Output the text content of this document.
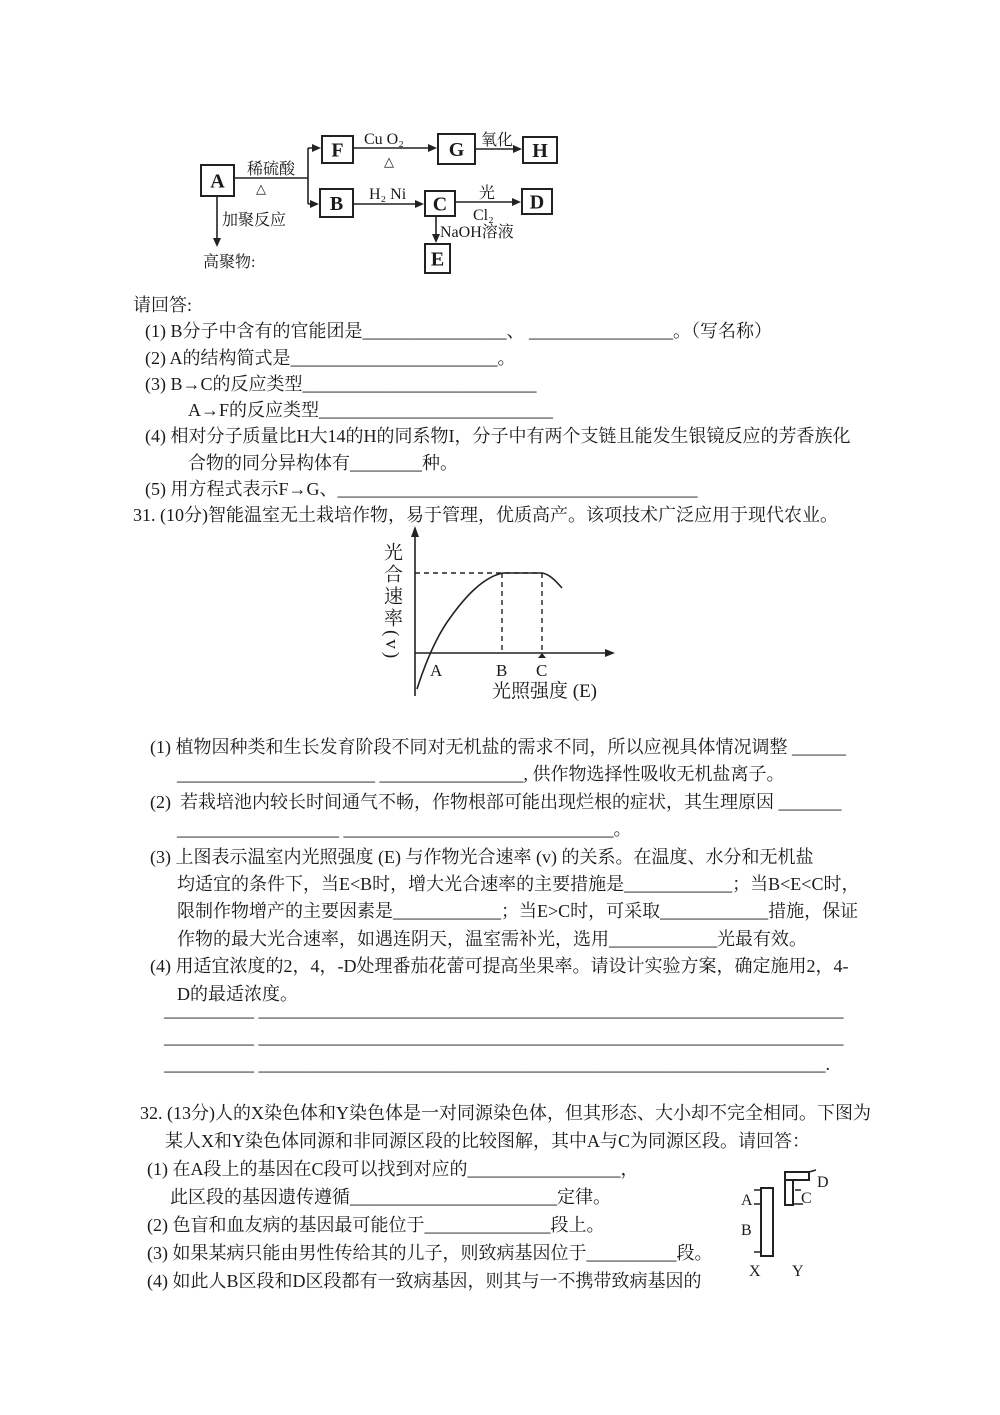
A
F	G	H
B	C	D
E
稀硫酸
△
Cu O₂
△
氧化
H₂ Ni	光
Cl₂
NaOH溶液
加聚反应
高聚物:
请回答:
(1) B分子中含有的官能团是________________、 ________________。（写名称）
(2) A的结构简式是_______________________。
(3) B→C的反应类型__________________________
A→F的反应类型__________________________
(4) 相对分子质量比H大14的H的同系物I，分子中有两个支链且能发生银镜反应的芳香族化
合物的同分异构体有________种。
(5) 用方程式表示F→G、________________________________________
31. (10分)智能温室无土栽培作物，易于管理，优质高产。该项技术广泛应用于现代农业。
A	B C
光合速率(v)
光照强度 (E)
(1) 植物因种类和生长发育阶段不同对无机盐的需求不同，所以应视具体情况调整 ______
______________________ ________________, 供作物选择性吸收无机盐离子。
(2)  若栽培池内较长时间通气不畅，作物根部可能出现烂根的症状，其生理原因 _______
__________________ ______________________________。
(3) 上图表示温室内光照强度 (E) 与作物光合速率 (v) 的关系。在温度、水分和无机盐
均适宜的条件下，当E<B时，增大光合速率的主要措施是____________；当B<E<C时，
限制作物增产的主要因素是____________；当E>C时，可采取____________措施，保证
作物的最大光合速率，如遇连阴天，温室需补光，选用____________光最有效。
(4) 用适宜浓度的2，4，-D处理番茄花蕾可提高坐果率。请设计实验方案，确定施用2，4-
D的最适浓度。
__________ _________________________________________________________________
__________ _________________________________________________________________
__________ _______________________________________________________________.
32. (13分)人的X染色体和Y染色体是一对同源染色体，但其形态、大小却不完全相同。下图为
某人X和Y染色体同源和非同源区段的比较图解，其中A与C为同源区段。请回答：
(1) 在A段上的基因在C段可以找到对应的_________________，
此区段的基因遗传遵循_______________________定律。
(2) 色盲和血友病的基因最可能位于______________段上。
(3) 如果某病只能由男性传给其的儿子，则致病基因位于__________段。
(4) 如此人B区段和D区段都有一致病基因，则其与一不携带致病基因的
A
B
C
D
X Y
